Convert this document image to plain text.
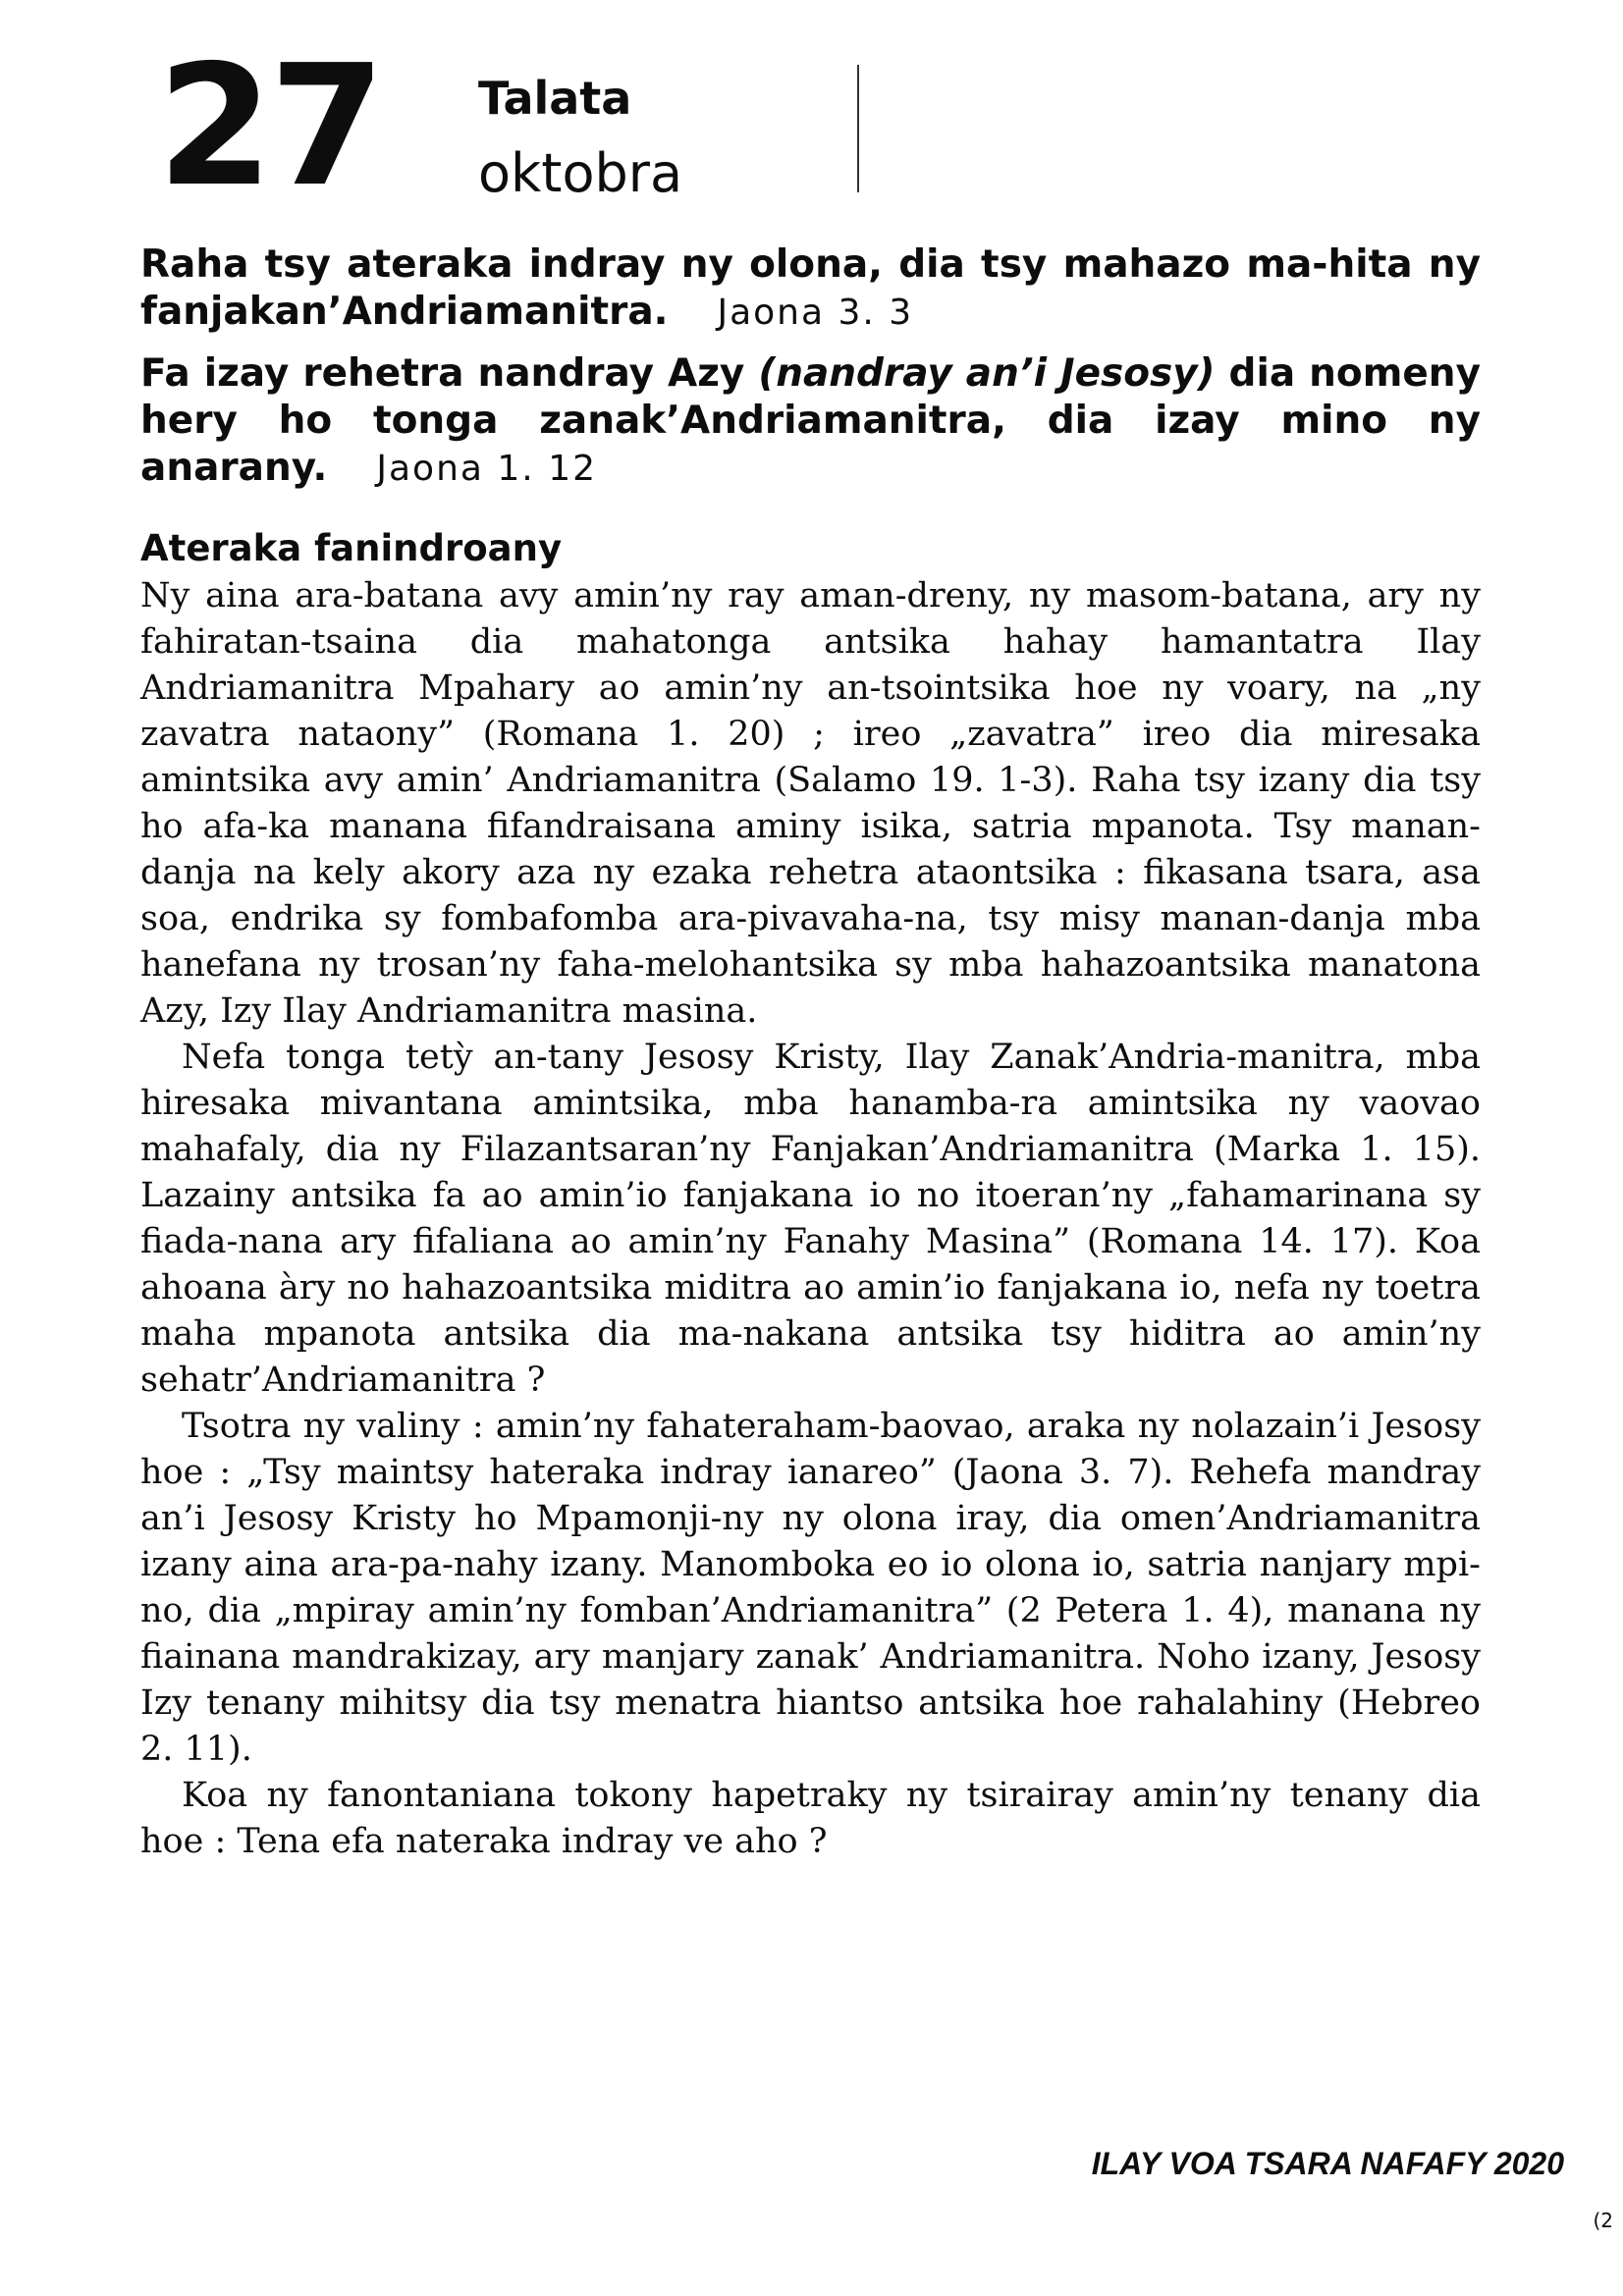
27 Talata
oktobra

Raha tsy ateraka indray ny olona, dia tsy mahazo ma-hita ny fanjakan’Andriamanitra. Jaona 3. 3

Fa izay rehetra nandray Azy (nandray an’i Jesosy) dia nomeny hery ho tonga zanak’Andriamanitra, dia izay mino ny anarany. Jaona 1. 12

Ateraka fanindroany

Ny aina ara-batana avy amin’ny ray aman-dreny, ny masom-batana, ary ny fahiratan-tsaina dia mahatonga antsika hahay hamantatra Ilay Andriamanitra Mpahary ao amin’ny an-tsointsika hoe ny voary, na „ny zavatra nataony” (Romana 1. 20) ; ireo „zavatra” ireo dia miresaka amintsika avy amin’ Andriamanitra (Salamo 19. 1-3). Raha tsy izany dia tsy ho afa-ka manana fifandraisana aminy isika, satria mpanota. Tsy manan-danja na kely akory aza ny ezaka rehetra ataontsika : fikasana tsara, asa soa, endrika sy fombafomba ara-pivavaha-na, tsy misy manan-danja mba hanefana ny trosan’ny faha-melohantsika sy mba hahazoantsika manatona Azy, Izy Ilay Andriamanitra masina.

Nefa tonga tetỳ an-tany Jesosy Kristy, Ilay Zanak’Andria-manitra, mba hiresaka mivantana amintsika, mba hanamba-ra amintsika ny vaovao mahafaly, dia ny Filazantsaran’ny Fanjakan’Andriamanitra (Marka 1. 15). Lazainy antsika fa ao amin’io fanjakana io no itoeran’ny „fahamarinana sy fiada-nana ary fifaliana ao amin’ny Fanahy Masina” (Romana 14. 17). Koa ahoana àry no hahazoantsika miditra ao amin’io fanjakana io, nefa ny toetra maha mpanota antsika dia ma-nakana antsika tsy hiditra ao amin’ny sehatr’Andriamanitra ?

Tsotra ny valiny : amin’ny fahateraham-baovao, araka ny nolazain’i Jesosy hoe : „Tsy maintsy hateraka indray ianareo” (Jaona 3. 7). Rehefa mandray an’i Jesosy Kristy ho Mpamonji-ny ny olona iray, dia omen’Andriamanitra izany aina ara-pa-nahy izany. Manomboka eo io olona io, satria nanjary mpi-no, dia „mpiray amin’ny fomban’Andriamanitra” (2 Petera 1. 4), manana ny fiainana mandrakizay, ary manjary zanak’ Andriamanitra. Noho izany, Jesosy Izy tenany mihitsy dia tsy menatra hiantso antsika hoe rahalahiny (Hebreo 2. 11).

Koa ny fanontaniana tokony hapetraky ny tsirairay amin’ny tenany dia hoe : Tena efa nateraka indray ve aho ?

ILAY VOA TSARA NAFAFY 2020
(2
